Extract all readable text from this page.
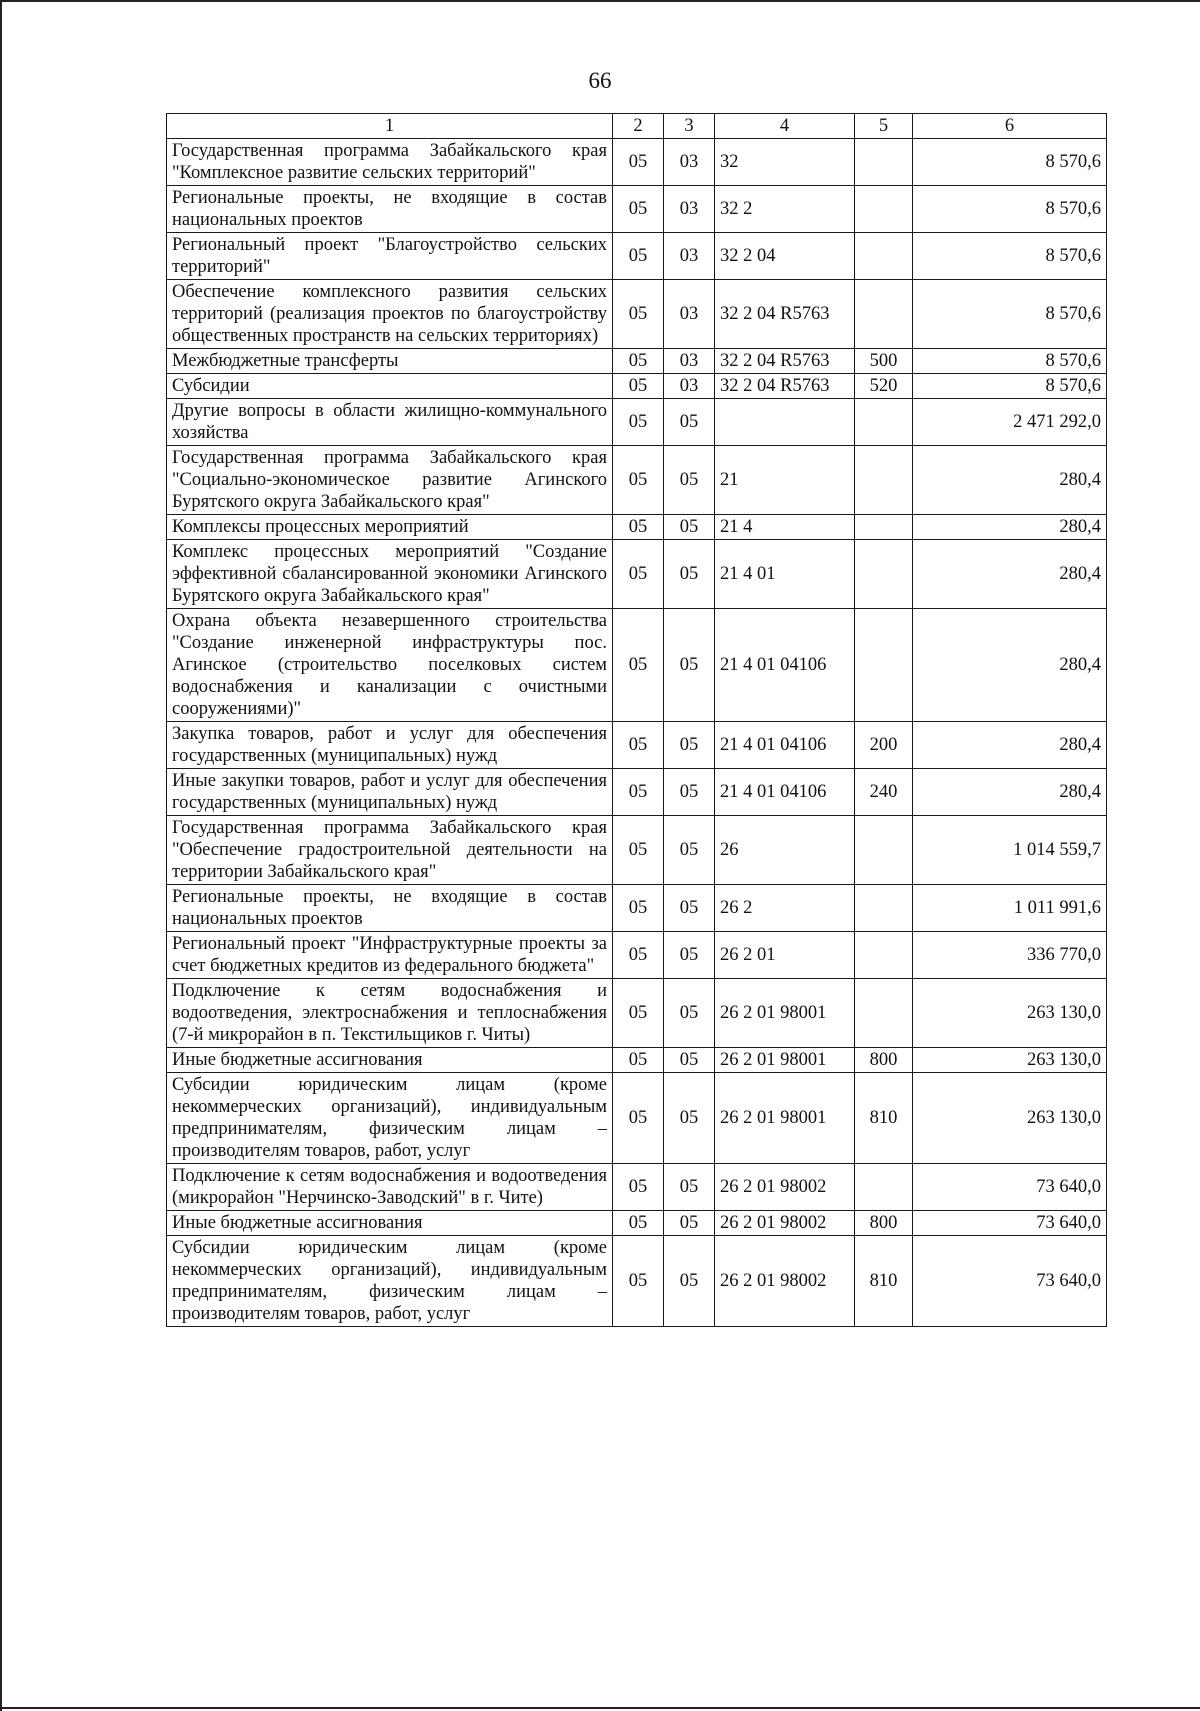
66
1	2	3	4	5	6
Государственная программа Забайкальского края "Комплексное развитие сельских территорий"	05	03	32		8 570,6
Региональные проекты, не входящие в состав национальных проектов	05	03	32 2		8 570,6
Региональный проект "Благоустройство сельских территорий"	05	03	32 2 04		8 570,6
Обеспечение комплексного развития сельских территорий (реализация проектов по благоустройству общественных пространств на сельских территориях)	05	03	32 2 04 R5763		8 570,6
Межбюджетные трансферты	05	03	32 2 04 R5763	500	8 570,6
Субсидии	05	03	32 2 04 R5763	520	8 570,6
Другие вопросы в области жилищно-коммунального хозяйства	05	05			2 471 292,0
Государственная программа Забайкальского края "Социально-экономическое развитие Агинского Бурятского округа Забайкальского края"	05	05	21		280,4
Комплексы процессных мероприятий	05	05	21 4		280,4
Комплекс процессных мероприятий "Создание эффективной сбалансированной экономики Агинского Бурятского округа Забайкальского края"	05	05	21 4 01		280,4
Охрана объекта незавершенного строительства "Создание инженерной инфраструктуры пос. Агинское (строительство поселковых систем водоснабжения и канализации с очистными сооружениями)"	05	05	21 4 01 04106		280,4
Закупка товаров, работ и услуг для обеспечения государственных (муниципальных) нужд	05	05	21 4 01 04106	200	280,4
Иные закупки товаров, работ и услуг для обеспечения государственных (муниципальных) нужд	05	05	21 4 01 04106	240	280,4
Государственная программа Забайкальского края "Обеспечение градостроительной деятельности на территории Забайкальского края"	05	05	26		1 014 559,7
Региональные проекты, не входящие в состав национальных проектов	05	05	26 2		1 011 991,6
Региональный проект "Инфраструктурные проекты за счет бюджетных кредитов из федерального бюджета"	05	05	26 2 01		336 770,0
Подключение к сетям водоснабжения и водоотведения, электроснабжения и теплоснабжения (7-й микрорайон в п. Текстильщиков г. Читы)	05	05	26 2 01 98001		263 130,0
Иные бюджетные ассигнования	05	05	26 2 01 98001	800	263 130,0
Субсидии юридическим лицам (кроме некоммерческих организаций), индивидуальным предпринимателям, физическим лицам – производителям товаров, работ, услуг	05	05	26 2 01 98001	810	263 130,0
Подключение к сетям водоснабжения и водоотведения (микрорайон "Нерчинско-Заводский" в г. Чите)	05	05	26 2 01 98002		73 640,0
Иные бюджетные ассигнования	05	05	26 2 01 98002	800	73 640,0
Субсидии юридическим лицам (кроме некоммерческих организаций), индивидуальным предпринимателям, физическим лицам – производителям товаров, работ, услуг	05	05	26 2 01 98002	810	73 640,0
